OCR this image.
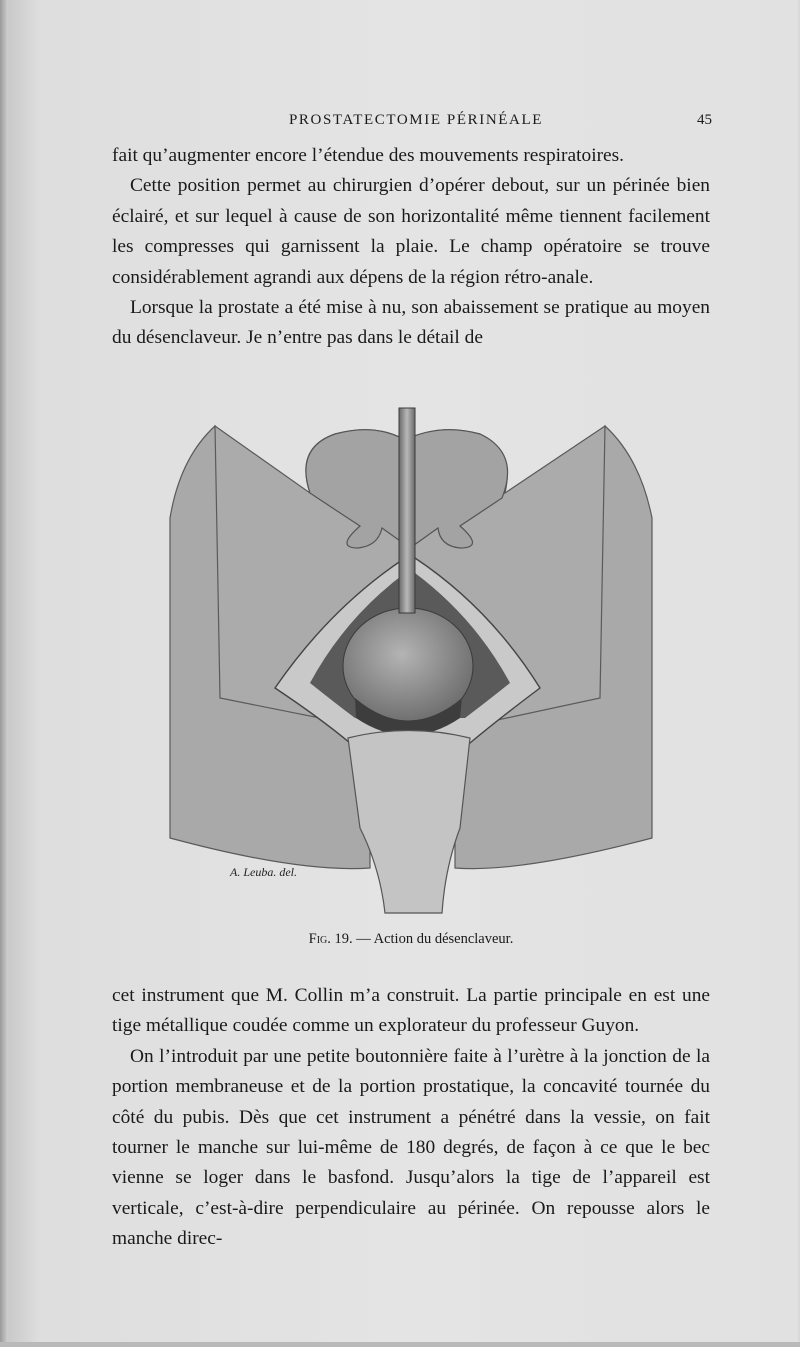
PROSTATECTOMIE PÉRINÉALE	45

fait qu’augmenter encore l’étendue des mouvements respiratoires.

Cette position permet au chirurgien d’opérer debout, sur un périnée bien éclairé, et sur lequel à cause de son horizontalité même tiennent facilement les compresses qui garnissent la plaie. Le champ opératoire se trouve considérablement agrandi aux dépens de la région rétro-anale.

Lorsque la prostate a été mise à nu, son abaissement se pratique au moyen du désenclaveur. Je n’entre pas dans le détail de

A. Leuba. del.
Fig. 19. — Action du désenclaveur.

cet instrument que M. Collin m’a construit. La partie principale en est une tige métallique coudée comme un explorateur du professeur Guyon.

On l’introduit par une petite boutonnière faite à l’urètre à la jonction de la portion membraneuse et de la portion prostatique, la concavité tournée du côté du pubis. Dès que cet instrument a pénétré dans la vessie, on fait tourner le manche sur lui-même de 180 degrés, de façon à ce que le bec vienne se loger dans le basfond. Jusqu’alors la tige de l’appareil est verticale, c’est-à-dire perpendiculaire au périnée. On repousse alors le manche direc-
